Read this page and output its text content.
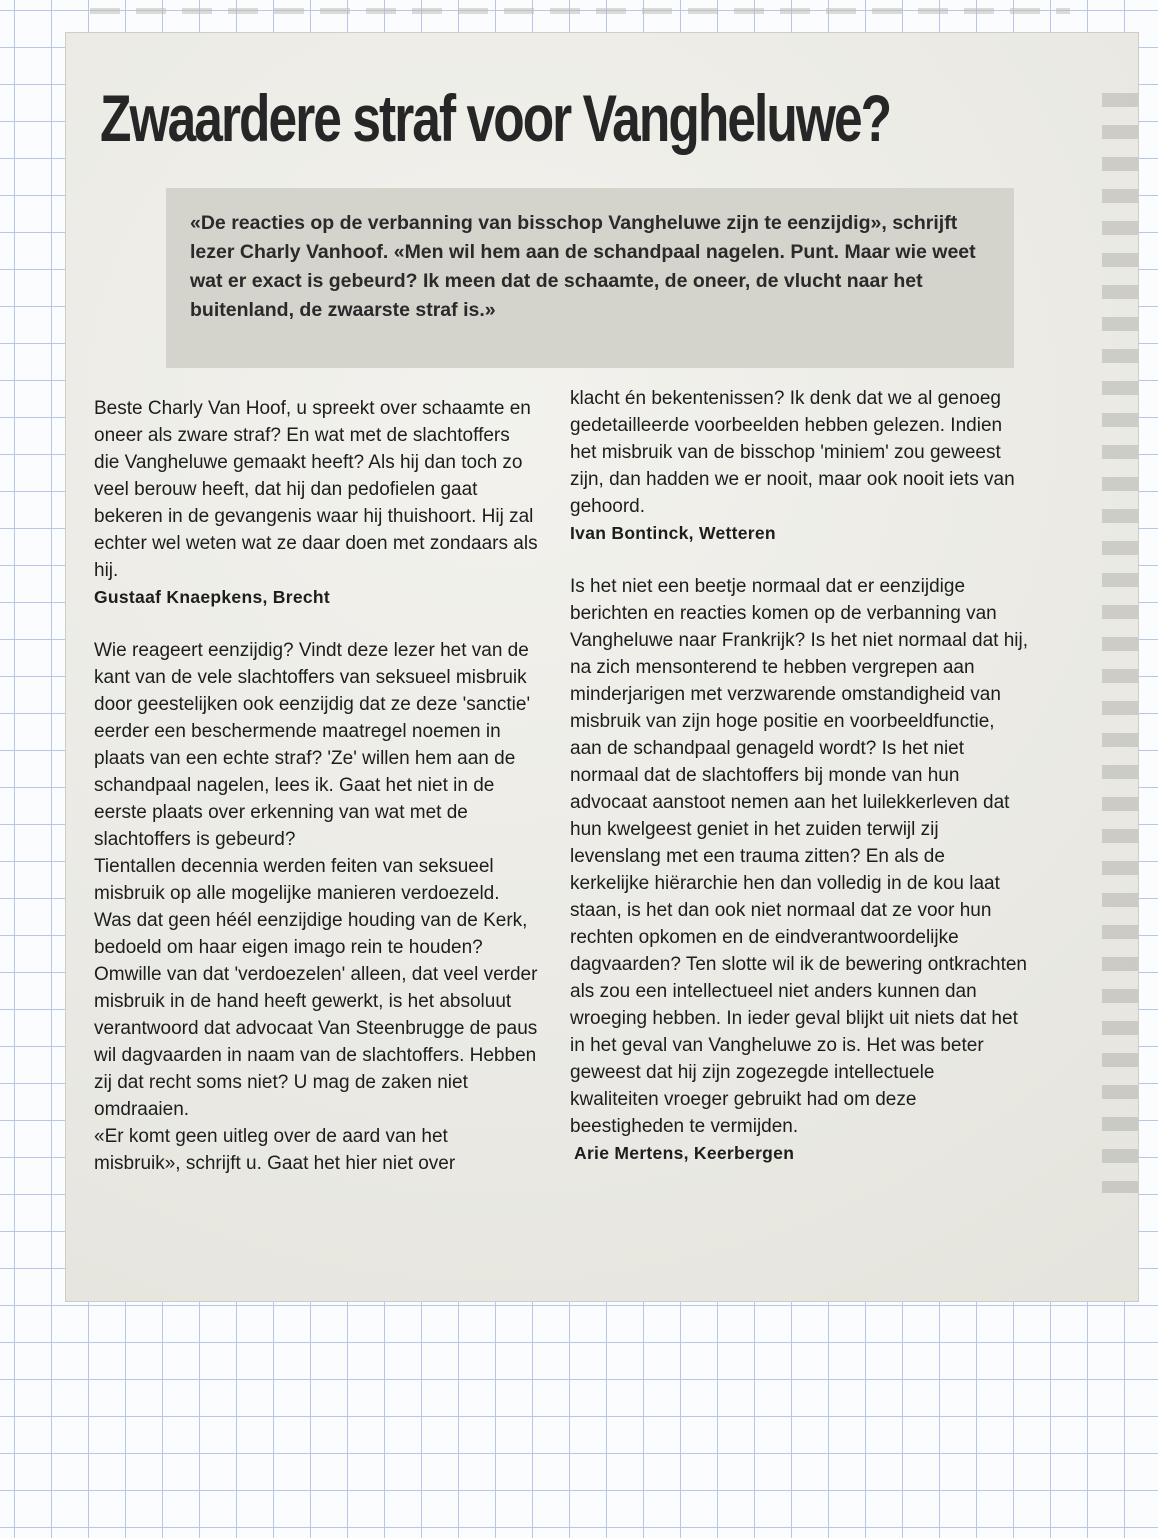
Zwaardere straf voor Vangheluwe?

«De reacties op de verbanning van bisschop Vangheluwe zijn te eenzijdig», schrijft lezer Charly Vanhoof. «Men wil hem aan de schandpaal nagelen. Punt. Maar wie weet wat er exact is gebeurd? Ik meen dat de schaamte, de oneer, de vlucht naar het buitenland, de zwaarste straf is.»

Beste Charly Van Hoof, u spreekt over schaamte en oneer als zware straf? En wat met de slachtoffers die Vangheluwe gemaakt heeft? Als hij dan toch zo veel berouw heeft, dat hij dan pedofielen gaat bekeren in de gevangenis waar hij thuishoort. Hij zal echter wel weten wat ze daar doen met zondaars als hij.

Gustaaf Knaepkens, Brecht

Wie reageert eenzijdig? Vindt deze lezer het van de kant van de vele slachtoffers van seksueel misbruik door geestelijken ook eenzijdig dat ze deze 'sanctie' eerder een beschermende maatregel noemen in plaats van een echte straf? 'Ze' willen hem aan de schandpaal nagelen, lees ik. Gaat het niet in de eerste plaats over erkenning van wat met de slachtoffers is gebeurd?

Tientallen decennia werden feiten van seksueel misbruik op alle mogelijke manieren verdoezeld. Was dat geen héél eenzijdige houding van de Kerk, bedoeld om haar eigen imago rein te houden? Omwille van dat 'verdoezelen' alleen, dat veel verder misbruik in de hand heeft gewerkt, is het absoluut verantwoord dat advocaat Van Steenbrugge de paus wil dagvaarden in naam van de slachtoffers. Hebben zij dat recht soms niet? U mag de zaken niet omdraaien.

«Er komt geen uitleg over de aard van het misbruik», schrijft u. Gaat het hier niet over

klacht én bekentenissen? Ik denk dat we al genoeg gedetailleerde voorbeelden hebben gelezen. Indien het misbruik van de bisschop 'miniem' zou geweest zijn, dan hadden we er nooit, maar ook nooit iets van gehoord.

Ivan Bontinck, Wetteren

Is het niet een beetje normaal dat er eenzijdige berichten en reacties komen op de verbanning van Vangheluwe naar Frankrijk? Is het niet normaal dat hij, na zich mensonterend te hebben vergrepen aan minderjarigen met verzwarende omstandigheid van misbruik van zijn hoge positie en voorbeeldfunctie, aan de schandpaal genageld wordt? Is het niet normaal dat de slachtoffers bij monde van hun advocaat aanstoot nemen aan het luilekkerleven dat hun kwelgeest geniet in het zuiden terwijl zij levenslang met een trauma zitten? En als de kerkelijke hiërarchie hen dan volledig in de kou laat staan, is het dan ook niet normaal dat ze voor hun rechten opkomen en de eindverantwoordelijke dagvaarden? Ten slotte wil ik de bewering ontkrachten als zou een intellectueel niet anders kunnen dan wroeging hebben. In ieder geval blijkt uit niets dat het in het geval van Vangheluwe zo is. Het was beter geweest dat hij zijn zogezegde intellectuele kwaliteiten vroeger gebruikt had om deze beestigheden te vermijden.

Arie Mertens, Keerbergen
